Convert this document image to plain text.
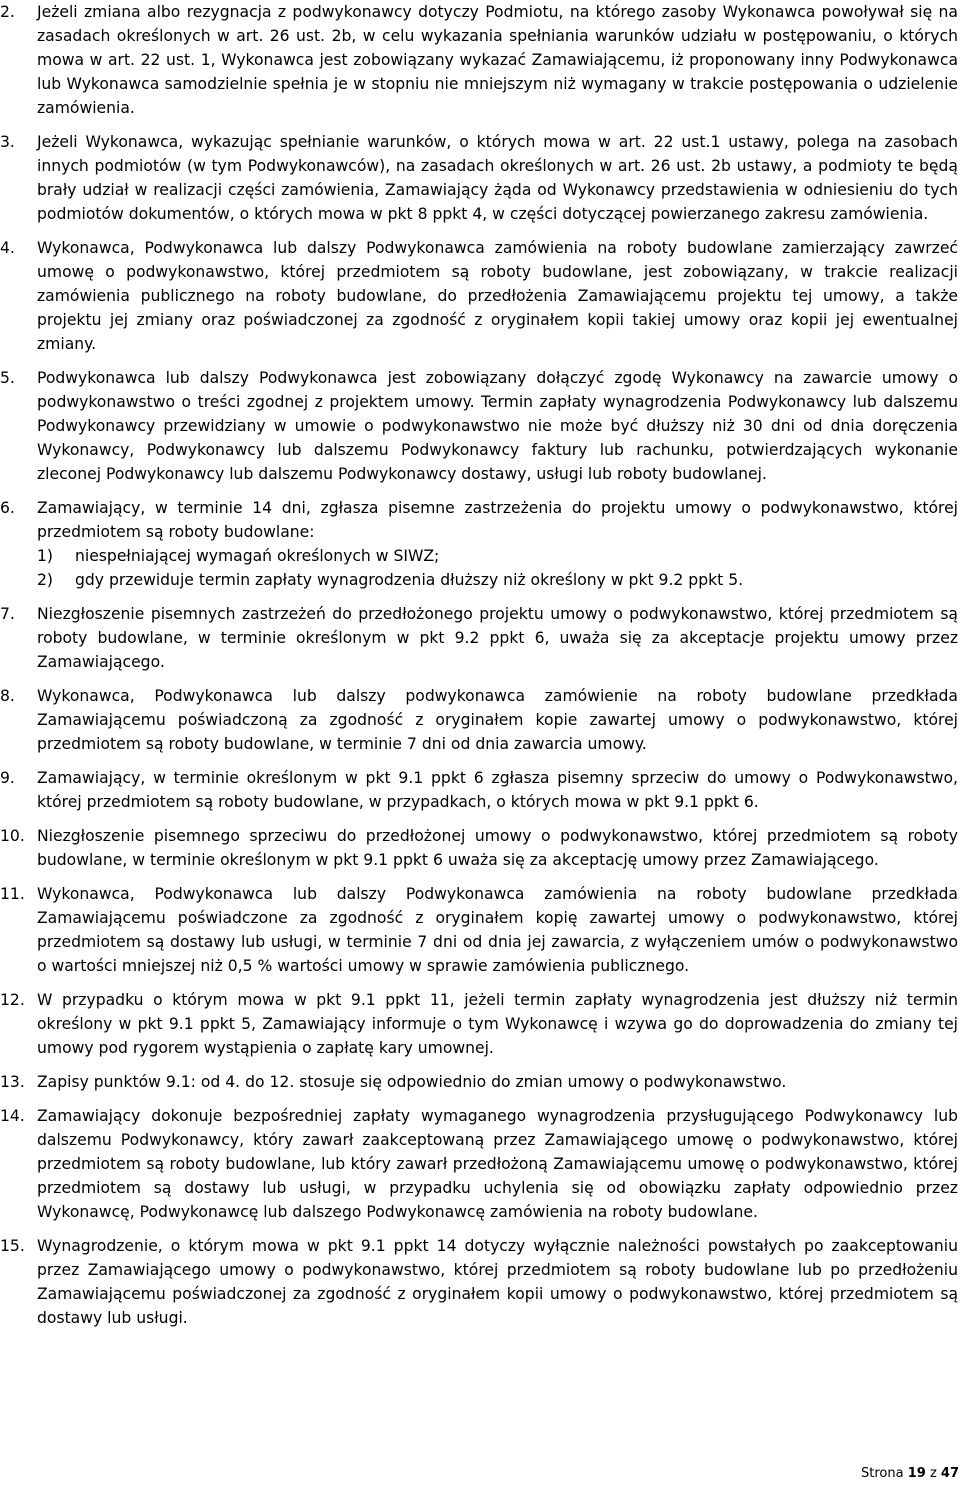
2.	Jeżeli zmiana albo rezygnacja z podwykonawcy dotyczy Podmiotu, na którego zasoby Wykonawca powoływał się na zasadach określonych w art. 26 ust. 2b, w celu wykazania spełniania warunków udziału w postępowaniu, o których mowa w art. 22 ust. 1, Wykonawca jest zobowiązany wykazać Zamawiającemu, iż proponowany inny Podwykonawca lub Wykonawca samodzielnie spełnia je w stopniu nie mniejszym niż wymagany w trakcie postępowania o udzielenie zamówienia.
3.	Jeżeli Wykonawca, wykazując spełnianie warunków, o których mowa w art. 22 ust.1 ustawy, polega na zasobach innych podmiotów (w tym Podwykonawców), na zasadach określonych w art. 26 ust. 2b ustawy, a podmioty te będą brały udział w realizacji części zamówienia, Zamawiający żąda od Wykonawcy przedstawienia w odniesieniu do tych podmiotów dokumentów, o których mowa w pkt 8 ppkt 4, w części dotyczącej powierzanego zakresu zamówienia.
4.	Wykonawca, Podwykonawca lub dalszy Podwykonawca zamówienia na roboty budowlane zamierzający zawrzeć umowę o podwykonawstwo, której przedmiotem są roboty budowlane, jest zobowiązany, w trakcie realizacji zamówienia publicznego na roboty budowlane, do przedłożenia Zamawiającemu projektu tej umowy, a także projektu jej zmiany oraz poświadczonej za zgodność z oryginałem kopii takiej umowy oraz kopii jej ewentualnej zmiany.
5.	Podwykonawca lub dalszy Podwykonawca jest zobowiązany dołączyć zgodę Wykonawcy na zawarcie umowy o podwykonawstwo o treści zgodnej z projektem umowy. Termin zapłaty wynagrodzenia Podwykonawcy lub dalszemu Podwykonawcy przewidziany w umowie o podwykonawstwo nie może być dłuższy niż 30 dni od dnia doręczenia Wykonawcy, Podwykonawcy lub dalszemu Podwykonawcy faktury lub rachunku, potwierdzających wykonanie zleconej Podwykonawcy lub dalszemu Podwykonawcy dostawy, usługi lub roboty budowlanej.
6.	Zamawiający, w terminie 14 dni, zgłasza pisemne zastrzeżenia do projektu umowy o podwykonawstwo, której przedmiotem są roboty budowlane:
1) niespełniającej wymagań określonych w SIWZ;
2) gdy przewiduje termin zapłaty wynagrodzenia dłuższy niż określony w pkt 9.2 ppkt 5.
7.	Niezgłoszenie pisemnych zastrzeżeń do przedłożonego projektu umowy o podwykonawstwo, której przedmiotem są roboty budowlane, w terminie określonym w pkt 9.2 ppkt 6, uważa się za akceptacje projektu umowy przez Zamawiającego.
8.	Wykonawca, Podwykonawca lub dalszy podwykonawca zamówienie na roboty budowlane przedkłada Zamawiającemu poświadczoną za zgodność z oryginałem kopie zawartej umowy o podwykonawstwo, której przedmiotem są roboty budowlane, w terminie 7 dni od dnia zawarcia umowy.
9.	Zamawiający, w terminie określonym w pkt 9.1 ppkt 6 zgłasza pisemny sprzeciw do umowy o Podwykonawstwo, której przedmiotem są roboty budowlane, w przypadkach, o których mowa w pkt 9.1 ppkt 6.
10. Niezgłoszenie pisemnego sprzeciwu do przedłożonej umowy o podwykonawstwo, której przedmiotem są roboty budowlane, w terminie określonym w pkt 9.1 ppkt 6 uważa się za akceptację umowy przez Zamawiającego.
11. Wykonawca, Podwykonawca lub dalszy Podwykonawca zamówienia na roboty budowlane przedkłada Zamawiającemu poświadczone za zgodność z oryginałem kopię zawartej umowy o podwykonawstwo, której przedmiotem są dostawy lub usługi, w terminie 7 dni od dnia jej zawarcia, z wyłączeniem umów o podwykonawstwo o wartości mniejszej niż 0,5 % wartości umowy w sprawie zamówienia publicznego.
12. W przypadku o którym mowa w pkt 9.1 ppkt 11, jeżeli termin zapłaty wynagrodzenia jest dłuższy niż termin określony w pkt 9.1 ppkt 5, Zamawiający informuje o tym Wykonawcę i wzywa go do doprowadzenia do zmiany tej umowy pod rygorem wystąpienia o zapłatę kary umownej.
13. Zapisy punktów 9.1: od 4. do 12. stosuje się odpowiednio do zmian umowy o podwykonawstwo.
14. Zamawiający dokonuje bezpośredniej zapłaty wymaganego wynagrodzenia przysługującego Podwykonawcy lub dalszemu Podwykonawcy, który zawarł zaakceptowaną przez Zamawiającego umowę o podwykonawstwo, której przedmiotem są roboty budowlane, lub który zawarł przedłożoną Zamawiającemu umowę o podwykonawstwo, której przedmiotem są dostawy lub usługi, w przypadku uchylenia się od obowiązku zapłaty odpowiednio przez Wykonawcę, Podwykonawcę lub dalszego Podwykonawcę zamówienia na roboty budowlane.
15. Wynagrodzenie, o którym mowa w pkt 9.1 ppkt 14 dotyczy wyłącznie należności powstałych po zaakceptowaniu przez Zamawiającego umowy o podwykonawstwo, której przedmiotem są roboty budowlane lub po przedłożeniu Zamawiającemu poświadczonej za zgodność z oryginałem kopii umowy o podwykonawstwo, której przedmiotem są dostawy lub usługi.
Strona 19 z 47
